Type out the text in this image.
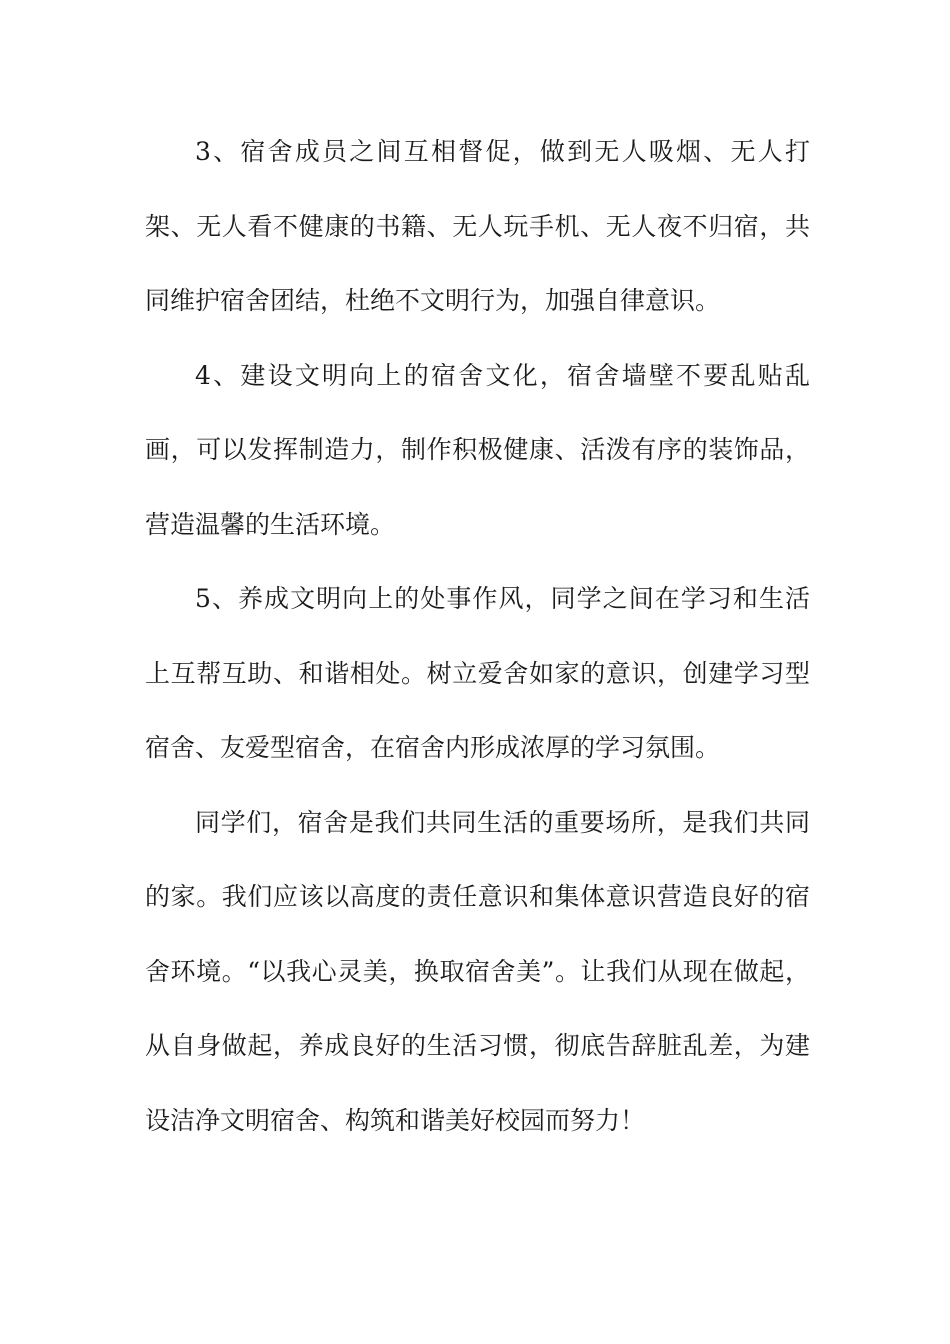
3、宿舍成员之间互相督促，做到无人吸烟、无人打架、无人看不健康的书籍、无人玩手机、无人夜不归宿，共同维护宿舍团结，杜绝不文明行为，加强自律意识。

4、建设文明向上的宿舍文化，宿舍墙壁不要乱贴乱画，可以发挥制造力，制作积极健康、活泼有序的装饰品，营造温馨的生活环境。

5、养成文明向上的处事作风，同学之间在学习和生活上互帮互助、和谐相处。树立爱舍如家的意识，创建学习型宿舍、友爱型宿舍，在宿舍内形成浓厚的学习氛围。

同学们，宿舍是我们共同生活的重要场所，是我们共同的家。我们应该以高度的责任意识和集体意识营造良好的宿舍环境。“以我心灵美，换取宿舍美”。让我们从现在做起，从自身做起，养成良好的生活习惯，彻底告辞脏乱差，为建设洁净文明宿舍、构筑和谐美好校园而努力！
